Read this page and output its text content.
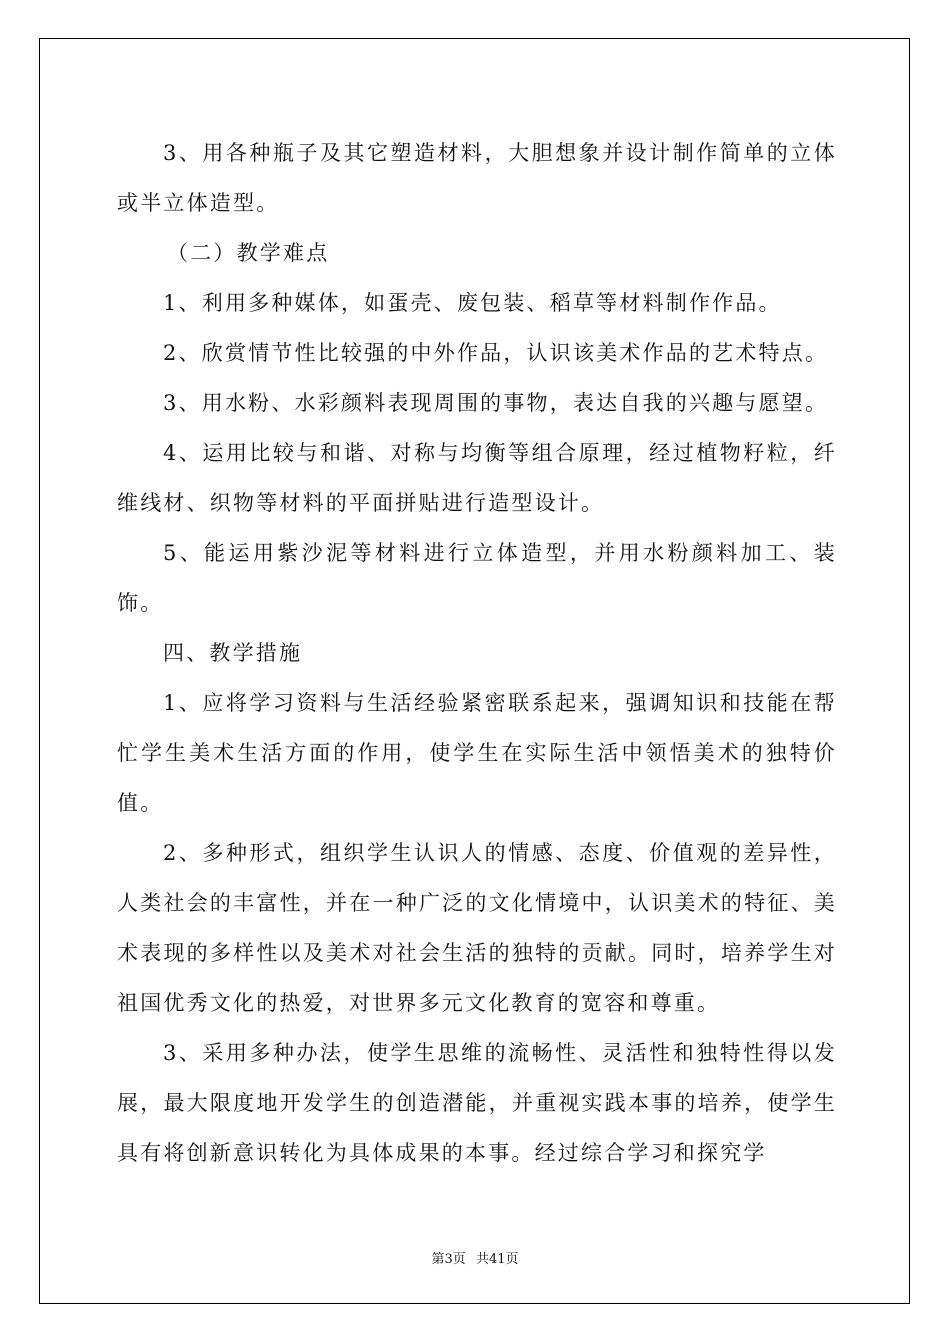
3、用各种瓶子及其它塑造材料，大胆想象并设计制作简单的立体或半立体造型。

（二）教学难点

1、利用多种媒体，如蛋壳、废包装、稻草等材料制作作品。

2、欣赏情节性比较强的中外作品，认识该美术作品的艺术特点。

3、用水粉、水彩颜料表现周围的事物，表达自我的兴趣与愿望。

4、运用比较与和谐、对称与均衡等组合原理，经过植物籽粒，纤维线材、织物等材料的平面拼贴进行造型设计。

5、能运用紫沙泥等材料进行立体造型，并用水粉颜料加工、装饰。

四、教学措施

1、应将学习资料与生活经验紧密联系起来，强调知识和技能在帮忙学生美术生活方面的作用，使学生在实际生活中领悟美术的独特价值。

2、多种形式，组织学生认识人的情感、态度、价值观的差异性，人类社会的丰富性，并在一种广泛的文化情境中，认识美术的特征、美术表现的多样性以及美术对社会生活的独特的贡献。同时，培养学生对祖国优秀文化的热爱，对世界多元文化教育的宽容和尊重。

3、采用多种办法，使学生思维的流畅性、灵活性和独特性得以发展，最大限度地开发学生的创造潜能，并重视实践本事的培养，使学生具有将创新意识转化为具体成果的本事。经过综合学习和探究学

第3页 共41页
